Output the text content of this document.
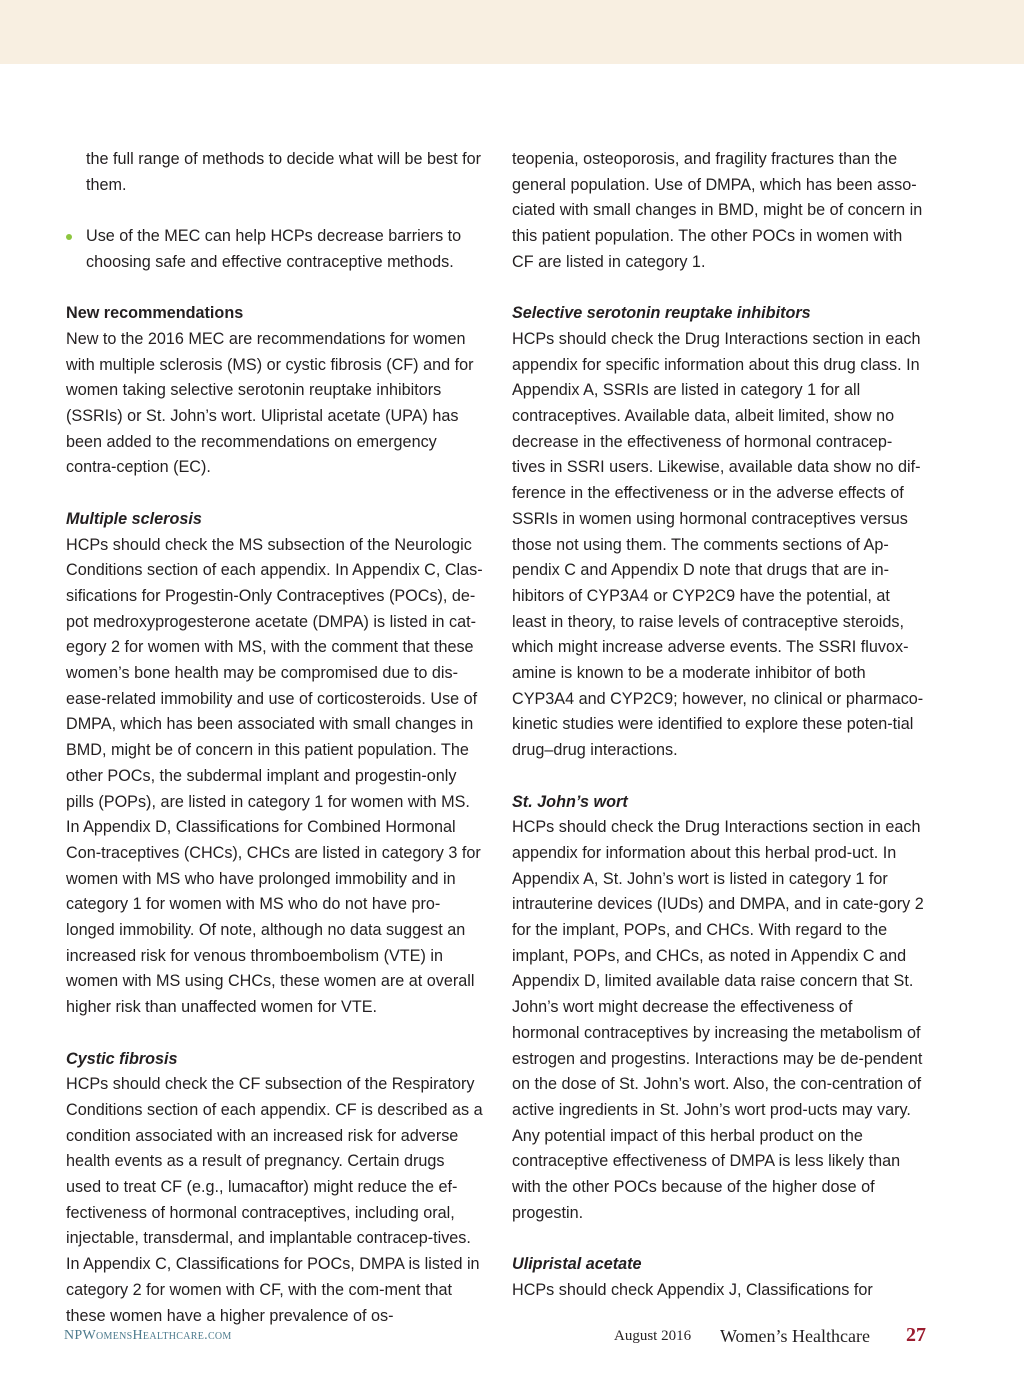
the full range of methods to decide what will be best for them.

Use of the MEC can help HCPs decrease barriers to choosing safe and effective contraceptive methods.
New recommendations

New to the 2016 MEC are recommendations for women with multiple sclerosis (MS) or cystic fibrosis (CF) and for women taking selective serotonin reuptake inhibitors (SSRIs) or St. John’s wort. Ulipristal acetate (UPA) has been added to the recommendations on emergency contra-ception (EC).

Multiple sclerosis

HCPs should check the MS subsection of the Neurologic Conditions section of each appendix. In Appendix C, Clas-sifications for Progestin-Only Contraceptives (POCs), de-pot medroxyprogesterone acetate (DMPA) is listed in cat-egory 2 for women with MS, with the comment that these women’s bone health may be compromised due to dis-ease-related immobility and use of corticosteroids. Use of DMPA, which has been associated with small changes in BMD, might be of concern in this patient population. The other POCs, the subdermal implant and progestin-only pills (POPs), are listed in category 1 for women with MS. In Appendix D, Classifications for Combined Hormonal Con-traceptives (CHCs), CHCs are listed in category 3 for women with MS who have prolonged immobility and in category 1 for women with MS who do not have pro-longed immobility. Of note, although no data suggest an increased risk for venous thromboembolism (VTE) in women with MS using CHCs, these women are at overall higher risk than unaffected women for VTE.

Cystic fibrosis

HCPs should check the CF subsection of the Respiratory Conditions section of each appendix. CF is described as a condition associated with an increased risk for adverse health events as a result of pregnancy. Certain drugs used to treat CF (e.g., lumacaftor) might reduce the ef-fectiveness of hormonal contraceptives, including oral, injectable, transdermal, and implantable contracep-tives. In Appendix C, Classifications for POCs, DMPA is listed in category 2 for women with CF, with the com-ment that these women have a higher prevalence of os-

teopenia, osteoporosis, and fragility fractures than the general population. Use of DMPA, which has been asso-ciated with small changes in BMD, might be of concern in this patient population. The other POCs in women with CF are listed in category 1.

Selective serotonin reuptake inhibitors

HCPs should check the Drug Interactions section in each appendix for specific information about this drug class. In Appendix A, SSRIs are listed in category 1 for all contraceptives. Available data, albeit limited, show no decrease in the effectiveness of hormonal contracep-tives in SSRI users. Likewise, available data show no dif-ference in the effectiveness or in the adverse effects of SSRIs in women using hormonal contraceptives versus those not using them. The comments sections of Ap-pendix C and Appendix D note that drugs that are in-hibitors of CYP3A4 or CYP2C9 have the potential, at least in theory, to raise levels of contraceptive steroids, which might increase adverse events. The SSRI fluvox-amine is known to be a moderate inhibitor of both CYP3A4 and CYP2C9; however, no clinical or pharmaco-kinetic studies were identified to explore these poten-tial drug–drug interactions.

St. John’s wort

HCPs should check the Drug Interactions section in each appendix for information about this herbal prod-uct. In Appendix A, St. John’s wort is listed in category 1 for intrauterine devices (IUDs) and DMPA, and in cate-gory 2 for the implant, POPs, and CHCs. With regard to the implant, POPs, and CHCs, as noted in Appendix C and Appendix D, limited available data raise concern that St. John’s wort might decrease the effectiveness of hormonal contraceptives by increasing the metabolism of estrogen and progestins. Interactions may be de-pendent on the dose of St. John’s wort. Also, the con-centration of active ingredients in St. John’s wort prod-ucts may vary. Any potential impact of this herbal product on the contraceptive effectiveness of DMPA is less likely than with the other POCs because of the higher dose of progestin.

Ulipristal acetate

HCPs should check Appendix J, Classifications for

NPWomensHealthcare.com	August 2016 Women’s Healthcare 27
